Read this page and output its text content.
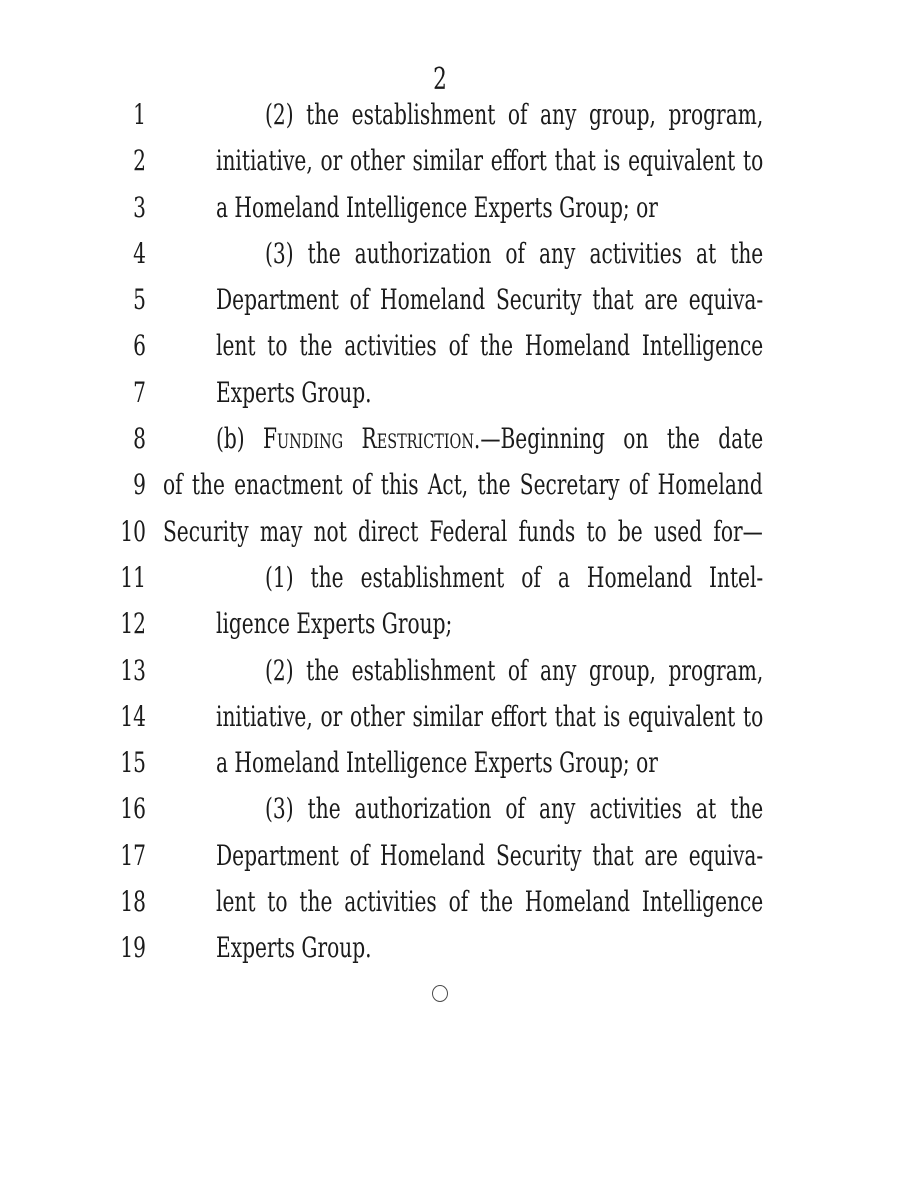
2
1	(2) the establishment of any group, program,
2	initiative, or other similar effort that is equivalent to
3	a Homeland Intelligence Experts Group; or
4	(3) the authorization of any activities at the
5	Department of Homeland Security that are equiva-
6	lent to the activities of the Homeland Intelligence
7	Experts Group.
8	(b) Funding Restriction.—Beginning on the date
9 of the enactment of this Act, the Secretary of Homeland
10 Security may not direct Federal funds to be used for—
11	(1) the establishment of a Homeland Intel-
12	ligence Experts Group;
13	(2) the establishment of any group, program,
14	initiative, or other similar effort that is equivalent to
15	a Homeland Intelligence Experts Group; or
16	(3) the authorization of any activities at the
17	Department of Homeland Security that are equiva-
18	lent to the activities of the Homeland Intelligence
19	Experts Group.
